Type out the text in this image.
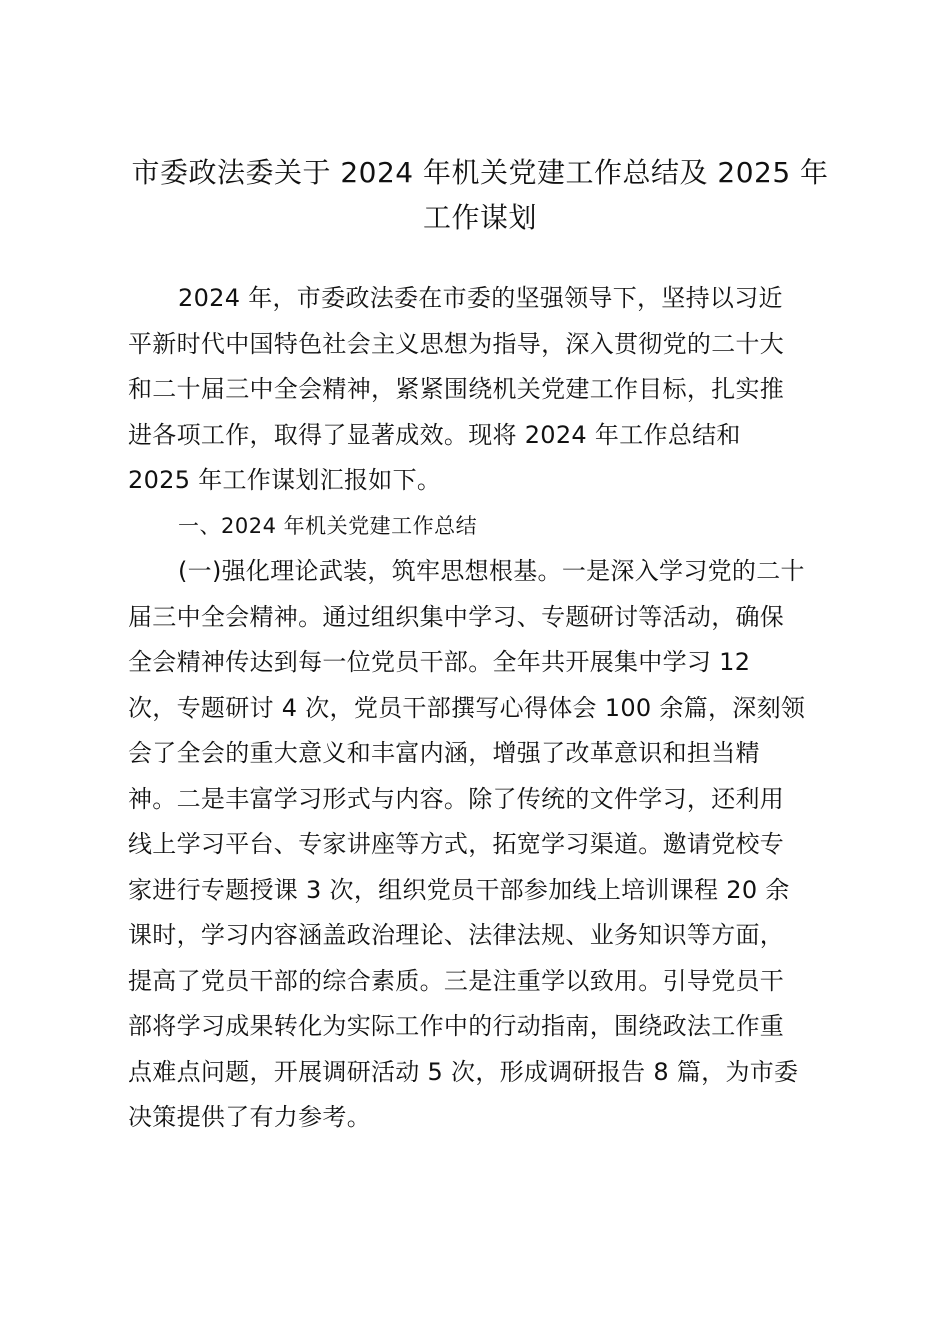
市委政法委关于 2024 年机关党建工作总结及 2025 年
工作谋划

2024 年，市委政法委在市委的坚强领导下，坚持以习近
平新时代中国特色社会主义思想为指导，深入贯彻党的二十大
和二十届三中全会精神，紧紧围绕机关党建工作目标，扎实推
进各项工作，取得了显著成效。现将 2024 年工作总结和
2025 年工作谋划汇报如下。

一、2024 年机关党建工作总结

(一)强化理论武装，筑牢思想根基。一是深入学习党的二十
届三中全会精神。通过组织集中学习、专题研讨等活动，确保
全会精神传达到每一位党员干部。全年共开展集中学习 12
次，专题研讨 4 次，党员干部撰写心得体会 100 余篇，深刻领
会了全会的重大意义和丰富内涵，增强了改革意识和担当精
神。二是丰富学习形式与内容。除了传统的文件学习，还利用
线上学习平台、专家讲座等方式，拓宽学习渠道。邀请党校专
家进行专题授课 3 次，组织党员干部参加线上培训课程 20 余
课时，学习内容涵盖政治理论、法律法规、业务知识等方面，
提高了党员干部的综合素质。三是注重学以致用。引导党员干
部将学习成果转化为实际工作中的行动指南，围绕政法工作重
点难点问题，开展调研活动 5 次，形成调研报告 8 篇，为市委
决策提供了有力参考。
